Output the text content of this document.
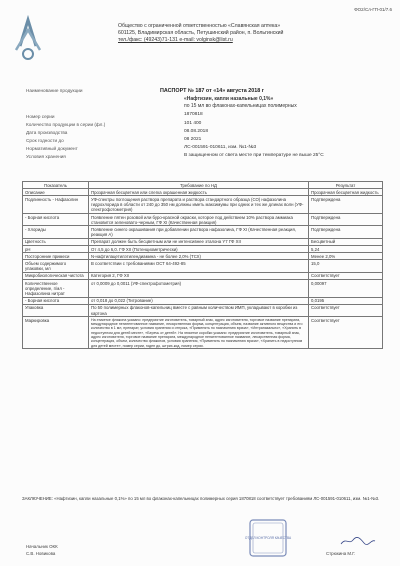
ФО2/Сл-ГП-01/7.6
Общество с ограниченной ответственностью «Славянская аптека»
601125, Владимирская область, Петушинский район, п. Вольгинский
тел./факс: (49243)71-131 e-mail: volginsk@list.ru
Наименование продукции	ПАСПОРТ № 187 от «14» августа 2018 г
«Нафтизин, капли назальные 0,1%»
по 15 мл во флаконах-капельницах полимерных
Номер серии	1870818
Количество продукции в серии (фл.)	101 400
Дата производства	08.08.2018
Срок годности до	08 2021
Нормативный документ	ЛС-001591-010611, изм. №1-№3
Условия хранения	В защищенном от света месте при температуре не выше 25°С
Показатель	Требование по НД	Результат
Описание	Прозрачная бесцветная или слегка окрашенная жидкость	Прозрачная бесцветная жидкость
Подлинность - Нафазолин	УФ-спектры поглощения раствора препарата и раствора стандартного образца (СО) нафазолина гидрохлорида в области от 240 до 350 нм должны иметь максимумы при одних и тех же длинах волн (УФ-спектрофотометрия)	Подтверждена
- Борная кислота	Появление пятен розовой или буро-красной окраски, которое под действием 10% раствора аммиака становится зеленовато-черным, ГФ XI (Качественная реакция)	Подтверждена
- Хлориды	Появление синего окрашивания при добавлении раствора нафазолина, ГФ XI (Качественная реакция, реакция А)	Подтверждена
Цветность	Препарат должен быть бесцветным или не интенсивнее эталона Y7 ГФ XII	Бесцветный
рН	От 4,5 до 6,0. ГФ XII (Потенциометрически)	5,24
Посторонние примеси	N-нафтилацетилэтилендиамина - не более 2,0% (ТСХ)	Менее 2,0%
Объем содержимого упаковки, мл	В соответствии с требованиями ОСТ 64-492-85	15,0
Микробиологическая чистота	Категория 2, ГФ XII	Соответствует
Количественное определение, г/мл - Нафазолина нитрат	от 0,0009 до 0,0011 (УФ-спектрофотометрия)	0,00097
- Борная кислота	от 0,018 до 0,022 (Титрование)	0,0195
Упаковка	По 50 полимерных флаконов-капельниц вместе с равным количеством ИМП, укладывают в коробки из картона	Соответствует
Маркировка	На этикетке флакона указано: предприятие изготовитель, товарный знак, адрес изготовителя, торговое название препарата, международное непатентованное название, лекарственная форма, концентрация, объем, название активного вещества и его количество в 1 мл, препарат, условия хранения и отпуска, «Применять по назначению врача», «Интраназально», «Хранить в недоступном для детей месте», «Беречь от детей». На этикетке коробки указано: предприятие изготовитель, товарный знак, адрес изготовителя, торговое название препарата, международное непатентованное название, лекарственная форма, концентрация, объем, количество флаконов, условия хранения, «Применять по назначению врача», «Хранить в недоступном для детей месте», номер серии, годен до, штрих-код, номер серии.	Соответствует
ЗАКЛЮЧЕНИЕ: «Нафтизин, капли назальные 0,1%» по 15 мл во флаконах-капельницах полимерных серия 1870818 соответствует требованиям ЛС-001591-010611, изм. №1-№3.
Начальник ОКК
С.В. Новикова
ОТДЕЛ КОНТРОЛЯ КАЧЕСТВА
Стрюкина М.Г.
